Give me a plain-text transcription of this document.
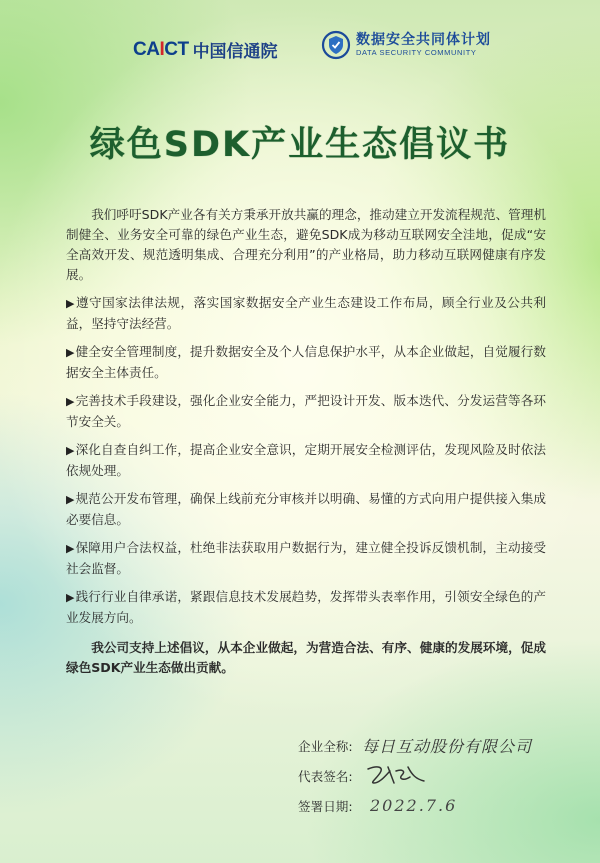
CAICT 中国信通院
数据安全共同体计划
DATA SECURITY COMMUNITY
绿色SDK产业生态倡议书

我们呼吁SDK产业各有关方秉承开放共赢的理念，推动建立开发流程规范、管理机制健全、业务安全可靠的绿色产业生态，避免SDK成为移动互联网安全洼地，促成“安全高效开发、规范透明集成、合理充分利用”的产业格局，助力移动互联网健康有序发展。

▶遵守国家法律法规，落实国家数据安全产业生态建设工作布局，顾全行业及公共利益，坚持守法经营。
▶健全安全管理制度，提升数据安全及个人信息保护水平，从本企业做起，自觉履行数据安全主体责任。
▶完善技术手段建设，强化企业安全能力，严把设计开发、版本迭代、分发运营等各环节安全关。
▶深化自查自纠工作，提高企业安全意识，定期开展安全检测评估，发现风险及时依法依规处理。
▶规范公开发布管理，确保上线前充分审核并以明确、易懂的方式向用户提供接入集成必要信息。
▶保障用户合法权益，杜绝非法获取用户数据行为，建立健全投诉反馈机制，主动接受社会监督。
▶践行行业自律承诺，紧跟信息技术发展趋势，发挥带头表率作用，引领安全绿色的产业发展方向。

我公司支持上述倡议，从本企业做起，为营造合法、有序、健康的发展环境，促成绿色SDK产业生态做出贡献。

企业全称: 每日互动股份有限公司
代表签名:
签署日期:	2022.7.6
